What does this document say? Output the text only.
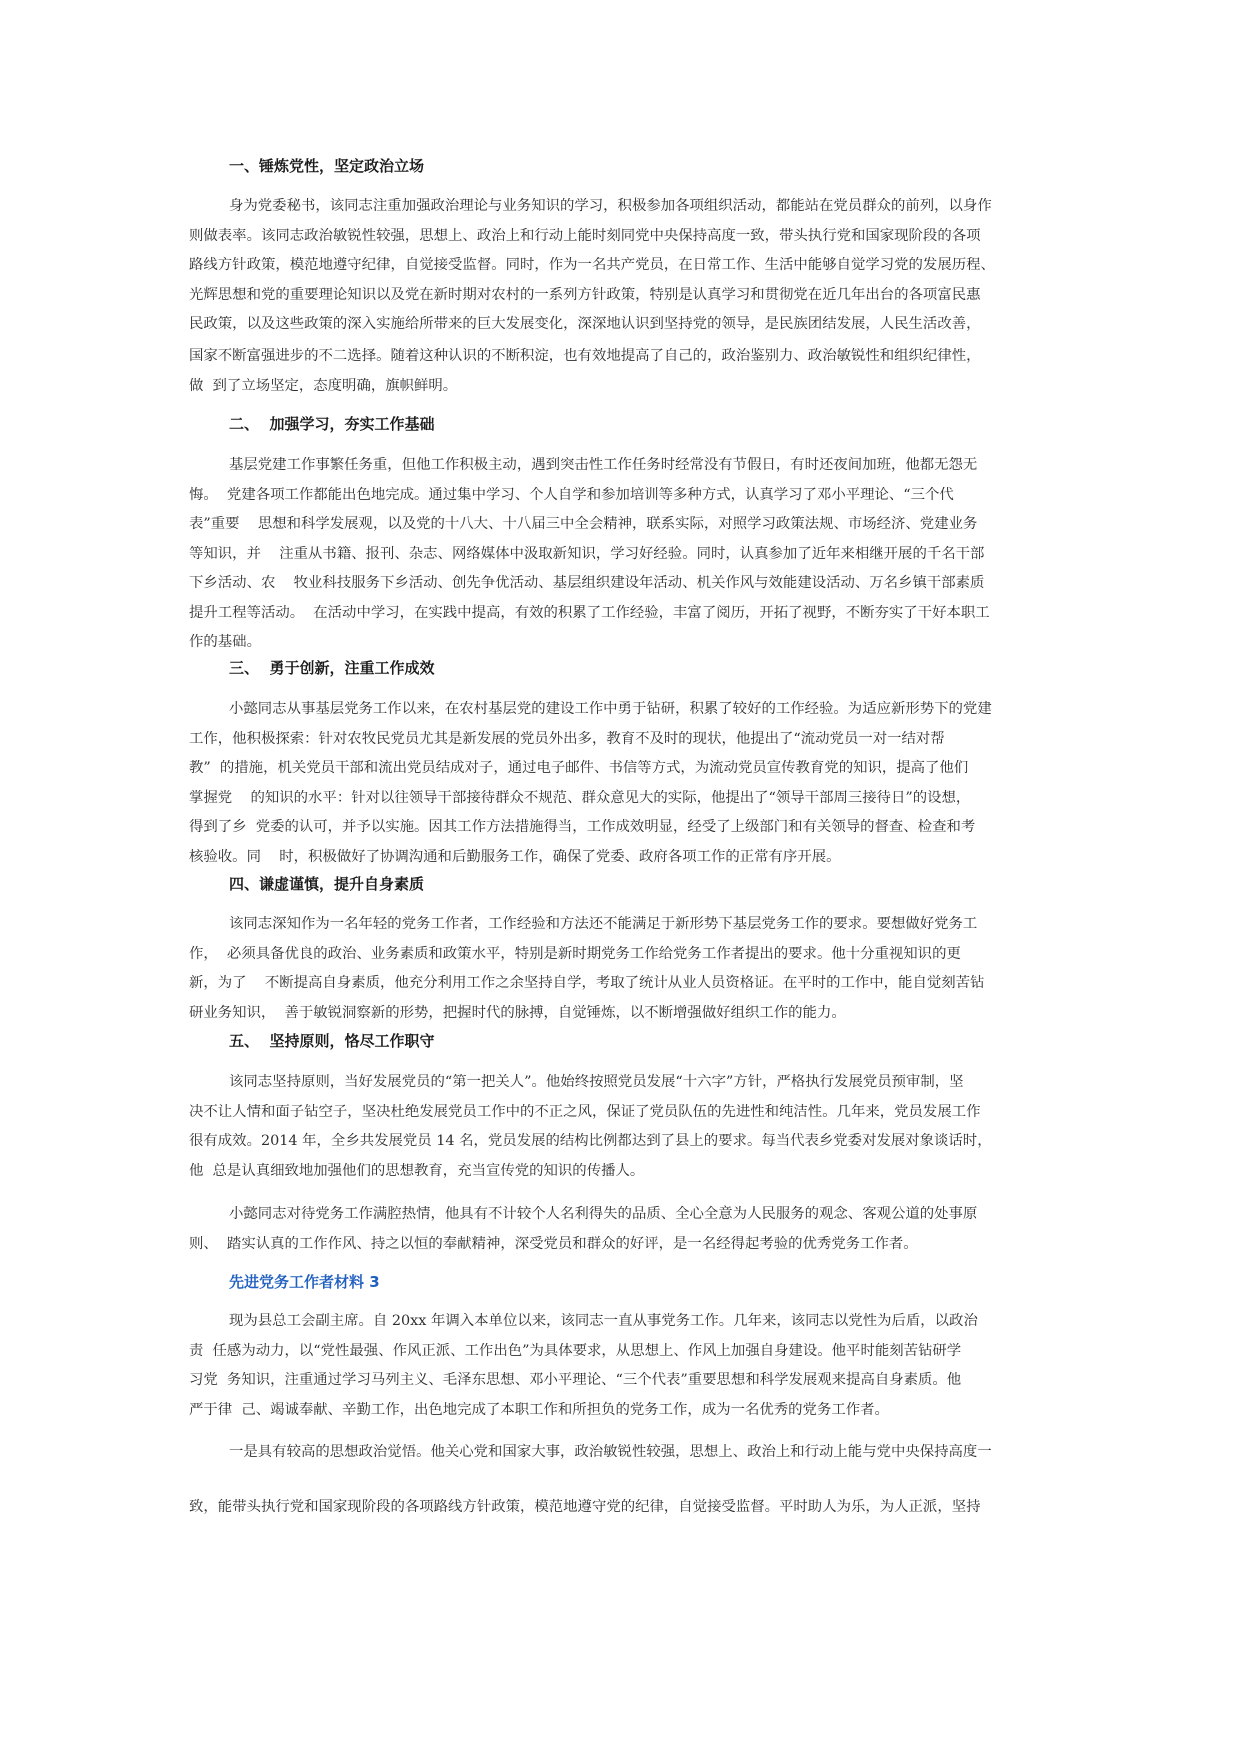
一、锤炼党性，坚定政治立场
身为党委秘书，该同志注重加强政治理论与业务知识的学习，积极参加各项组织活动，都能站在党员群众的前列，以身作
则做表率。该同志政治敏锐性较强，思想上、政治上和行动上能时刻同党中央保持高度一致，带头执行党和国家现阶段的各项
路线方针政策，模范地遵守纪律，自觉接受监督。同时，作为一名共产党员，在日常工作、生活中能够自觉学习党的发展历程、
光辉思想和党的重要理论知识以及党在新时期对农村的一系列方针政策，特别是认真学习和贯彻党在近几年出台的各项富民惠
民政策，以及这些政策的深入实施给所带来的巨大发展变化，深深地认识到坚持党的领导，是民族团结发展，人民生活改善，
国家不断富强进步的不二选择。随着这种认识的不断积淀，也有效地提高了自己的，政治鉴别力、政治敏锐性和组织纪律性，
做  到了立场坚定，态度明确，旗帜鲜明。
二、  加强学习，夯实工作基础
基层党建工作事繁任务重，但他工作积极主动，遇到突击性工作任务时经常没有节假日，有时还夜间加班，他都无怨无
悔。  党建各项工作都能出色地完成。通过集中学习、个人自学和参加培训等多种方式，认真学习了邓小平理论、“三个代
表”重要    思想和科学发展观，以及党的十八大、十八届三中全会精神，联系实际，对照学习政策法规、市场经济、党建业务
等知识，并    注重从书籍、报刊、杂志、网络媒体中汲取新知识，学习好经验。同时，认真参加了近年来相继开展的千名干部
下乡活动、农    牧业科技服务下乡活动、创先争优活动、基层组织建设年活动、机关作风与效能建设活动、万名乡镇干部素质
提升工程等活动。  在活动中学习，在实践中提高，有效的积累了工作经验，丰富了阅历，开拓了视野，不断夯实了干好本职工
作的基础。
三、  勇于创新，注重工作成效
小懿同志从事基层党务工作以来，在农村基层党的建设工作中勇于钻研，积累了较好的工作经验。为适应新形势下的党建
工作，他积极探索：针对农牧民党员尤其是新发展的党员外出多，教育不及时的现状，他提出了“流动党员一对一结对帮
教”  的措施，机关党员干部和流出党员结成对子，通过电子邮件、书信等方式，为流动党员宣传教育党的知识，提高了他们
掌握党    的知识的水平：针对以往领导干部接待群众不规范、群众意见大的实际，他提出了“领导干部周三接待日”的设想，
得到了乡  党委的认可，并予以实施。因其工作方法措施得当，工作成效明显，经受了上级部门和有关领导的督查、检查和考
核验收。同    时，积极做好了协调沟通和后勤服务工作，确保了党委、政府各项工作的正常有序开展。
四、谦虚谨慎，提升自身素质
该同志深知作为一名年轻的党务工作者，工作经验和方法还不能满足于新形势下基层党务工作的要求。要想做好党务工
作，  必须具备优良的政治、业务素质和政策水平，特别是新时期党务工作给党务工作者提出的要求。他十分重视知识的更
新，为了    不断提高自身素质，他充分利用工作之余坚持自学，考取了统计从业人员资格证。在平时的工作中，能自觉刻苦钻
研业务知识，  善于敏锐洞察新的形势，把握时代的脉搏，自觉锤炼，以不断增强做好组织工作的能力。
五、  坚持原则，恪尽工作职守
该同志坚持原则，当好发展党员的“第一把关人”。他始终按照党员发展“十六字”方针，严格执行发展党员预审制，坚
决不让人情和面子钻空子，坚决杜绝发展党员工作中的不正之风，保证了党员队伍的先进性和纯洁性。几年来，党员发展工作
很有成效。2014 年，全乡共发展党员 14 名，党员发展的结构比例都达到了县上的要求。每当代表乡党委对发展对象谈话时，
他  总是认真细致地加强他们的思想教育，充当宣传党的知识的传播人。
小懿同志对待党务工作满腔热情，他具有不计较个人名利得失的品质、全心全意为人民服务的观念、客观公道的处事原
则、  踏实认真的工作作风、持之以恒的奉献精神，深受党员和群众的好评，是一名经得起考验的优秀党务工作者。
先进党务工作者材料 3
现为县总工会副主席。自 20xx 年调入本单位以来，该同志一直从事党务工作。几年来，该同志以党性为后盾，以政治
责  任感为动力，以“党性最强、作风正派、工作出色”为具体要求，从思想上、作风上加强自身建设。他平时能刻苦钻研学
习党  务知识，注重通过学习马列主义、毛泽东思想、邓小平理论、“三个代表”重要思想和科学发展观来提高自身素质。他
严于律  己、竭诚奉献、辛勤工作，出色地完成了本职工作和所担负的党务工作，成为一名优秀的党务工作者。
一是具有较高的思想政治觉悟。他关心党和国家大事，政治敏锐性较强，思想上、政治上和行动上能与党中央保持高度一
致，能带头执行党和国家现阶段的各项路线方针政策，模范地遵守党的纪律，自觉接受监督。平时助人为乐，为人正派，坚持
